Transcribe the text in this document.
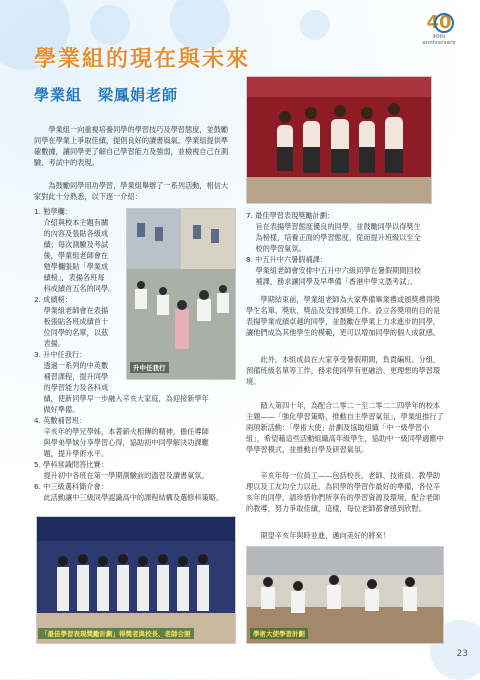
40
40th anniversary
學業組的現在與未來
學業組　梁鳳娟老師
　　學業組一向重視培養同學的學習技巧及學習態度，並鼓勵同學在學業上爭取佳績，提倡良好的讀書風氣。學業組提供準確數據，讓同學更了解自己學習能力及強弱，並檢視自己在測驗、考試中的表現。
　　為鼓勵同學用功學習，學業組舉辦了一系列活動，相信大家對此十分熟悉，以下逐一介紹：

1. 勉學欄：

　 介紹與校本主題有關

　 的內容及張貼各級成

　 績；每次測驗及考試

　 後，學業組老師會在

　 勉學欄張貼「學業成

　 績榜」，表揚各班每

　 科成績首五名的同學。

2. 成績榜：

　 學業組老師會在表揚

　 板張貼各班成績首十

　 位同學的名單，以茲

　 表揚。

3. 升中任我行：

　 透過一系列的中英數

　 補習課程，提升同學

　 的學習能力及各科成

　 績，使新同學早一步融入辛亥大家庭，為迎接新學年

　 做好準備。

4. 英數補習班：

　 辛亥年的學兄學姊，本著薪火相傳的精神，擔任導師

　 與學弟學妹分享學習心得，協助初中同學解決功課難

　 題，提升學術水平。

5. 學科常識問答比賽：

　 提升初中各班在第一學期測驗前的溫習及讀書氣氛。

6. 中三級選科簡介會：

　 此活動讓中三級同學認識高中的課程結構及選修科策略。

升中任我行

7. 最佳學習表現獎勵計劃：

　 旨在表揚學習態度優良的同學，並鼓勵同學以得獎生

　 為榜樣，培養正面的學習態度，從而提升班級以至全

　 校的學習氣氛。

8. 中五升中六暑假補課：

　 學業組老師會安排中五升中六級同學在暑假期間回校

　 補課，務求讓同學及早準備「香港中學文憑考試」。

　　學期結束前，學業組老師為大家準備畢業禮或頒獎禮得獎學生名單、獎狀、獎品及安排頒獎工作。設立各獎項的目的是表揚學業成績卓越的同學，並鼓勵在學業上力求進步的同學，讓他們成為其他學生的模範，更可以增加同學的個人成就感。
　　此外，本組成員在大家享受暑假期間，負責編班、分組，預備班級名單等工作，務求使同學有更融洽、更理想的學習環境。
　　踏入第四十年，為配合二零二一至二零二二四學年的校本主題——「強化學習策略，推動自主學習氣氛」，學業組推行了兩項新活動：「學術大使」計劃及協助組織「中一級學習小組」，希望藉這些活動組織高年級學生，協助中一級同學適應中學學習模式，並推動自學及研習氣氛。
　　辛亥年每一位員工——包括校長、老師、技術員、教學助理以及工友均全力以赴，為同學的學習作最好的準備，各位辛亥年的同學，請珍惜你們所享有的學習資源及環境，配合老師的教導，努力爭取佳績，這樣，每位老師都會感到欣慰。
　　期望辛亥年與時並進，邁向美好的將來！
「最佳學習表現獎勵計劃」得獎者與校長、老師合照	學術大使學習計劃
23
